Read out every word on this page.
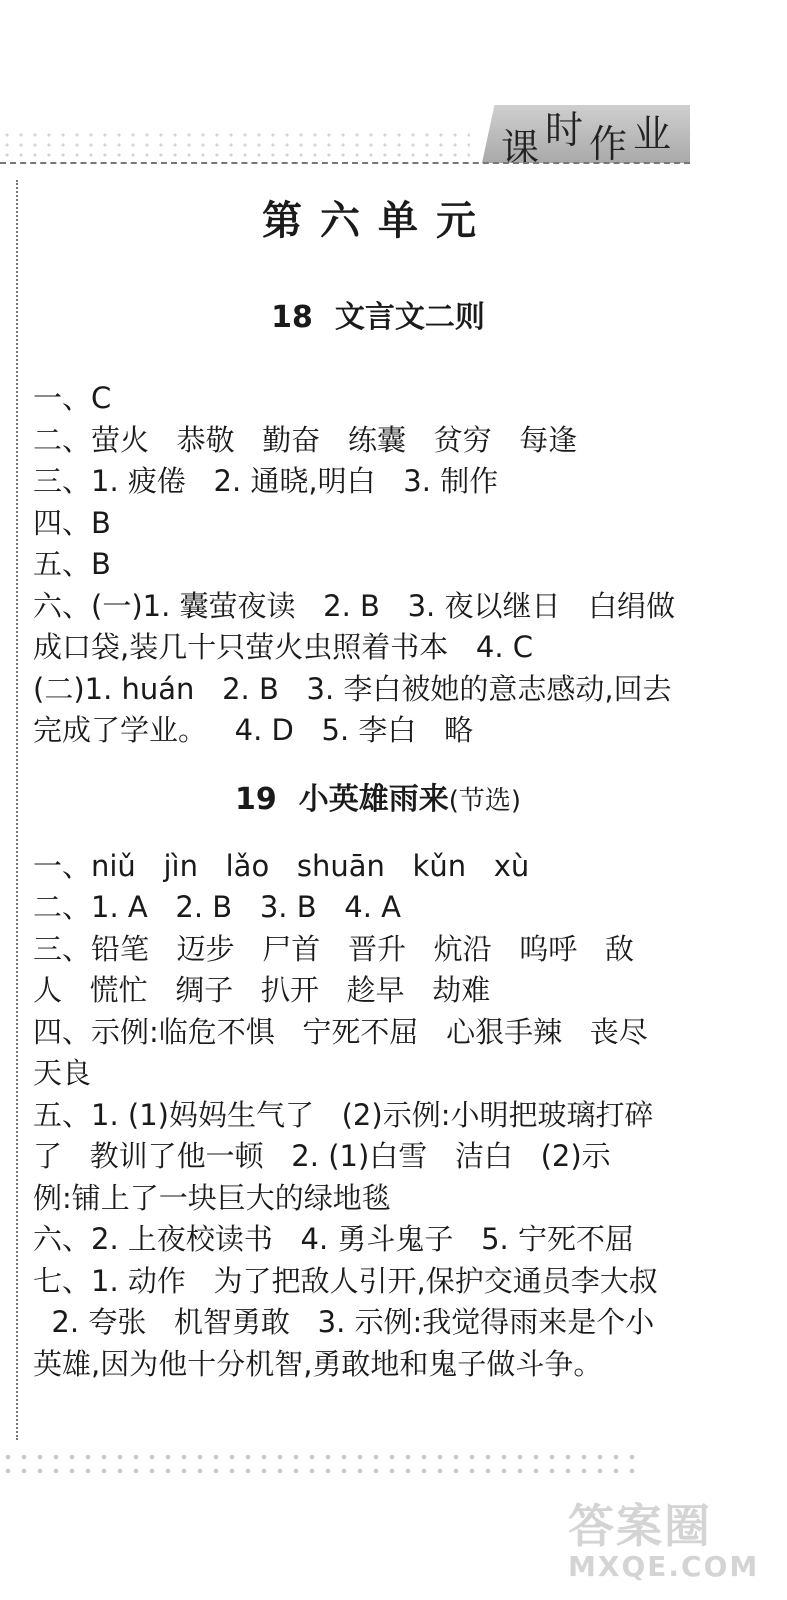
课 时 作 业
第六单元
18 文言文二则
一、C
二、萤火   恭敬   勤奋   练囊   贫穷   每逢
三、1. 疲倦   2. 通晓,明白   3. 制作
四、B
五、B
六、(一)1. 囊萤夜读   2. B   3. 夜以继日   白绢做
成口袋,装几十只萤火虫照着书本   4. C
(二)1. huán   2. B   3. 李白被她的意志感动,回去
完成了学业。   4. D   5. 李白   略
19 小英雄雨来(节选)
一、niǔ   jìn   lǎo   shuān   kǔn   xù
二、1. A   2. B   3. B   4. A
三、铅笔   迈步   尸首   晋升   炕沿   呜呼   敌
人   慌忙   绸子   扒开   趁早   劫难
四、示例:临危不惧   宁死不屈   心狠手辣   丧尽
天良
五、1. (1)妈妈生气了   (2)示例:小明把玻璃打碎
了   教训了他一顿   2. (1)白雪   洁白   (2)示
例:铺上了一块巨大的绿地毯
六、2. 上夜校读书   4. 勇斗鬼子   5. 宁死不屈
七、1. 动作   为了把敌人引开,保护交通员李大叔
2. 夸张   机智勇敢   3. 示例:我觉得雨来是个小
英雄,因为他十分机智,勇敢地和鬼子做斗争。
答案圈
MXQE.COM
